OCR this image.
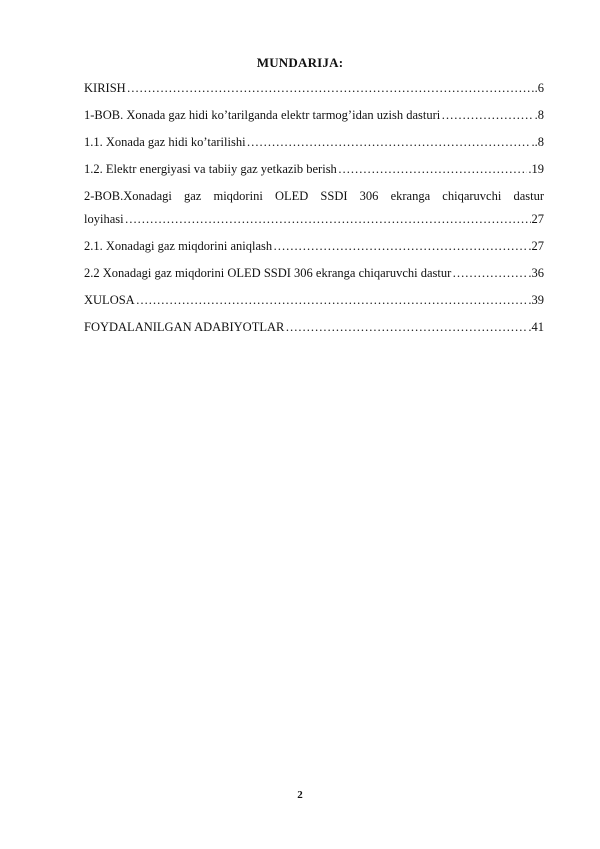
MUNDARIJA:
KIRISH ……………………………………………………………………………………………………………………………………………………………………………………	.6
1-BOB. Xonada gaz hidi ko’tarilganda elektr tarmog’idan uzish dasturi ……………………………………………………………………………………………………………………………………………………………………………………	.8
1.1. Xonada gaz hidi ko’tarilishi ……………………………………………………………………………………………………………………………………………………………………………………	..8
1.2. Elektr energiyasi va tabiiy gaz yetkazib berish ……………………………………………………………………………………………………………………………………………………………………………………	.19
2-BOB.Xonadagi gaz miqdorini OLED SSDI 306 ekranga chiqaruvchi dastur
loyihasi ……………………………………………………………………………………………………………………………………………………………………………………	27
2.1. Xonadagi gaz miqdorini aniqlash ……………………………………………………………………………………………………………………………………………………………………………………	.27
2.2 Xonadagi gaz miqdorini OLED SSDI 306 ekranga chiqaruvchi dastur ……………………………………………………………………………………………………………………………………………………………………………………	.36
XULOSA ……………………………………………………………………………………………………………………………………………………………………………………	.39
FOYDALANILGAN ADABIYOTLAR ……………………………………………………………………………………………………………………………………………………………………………………	.41
2
